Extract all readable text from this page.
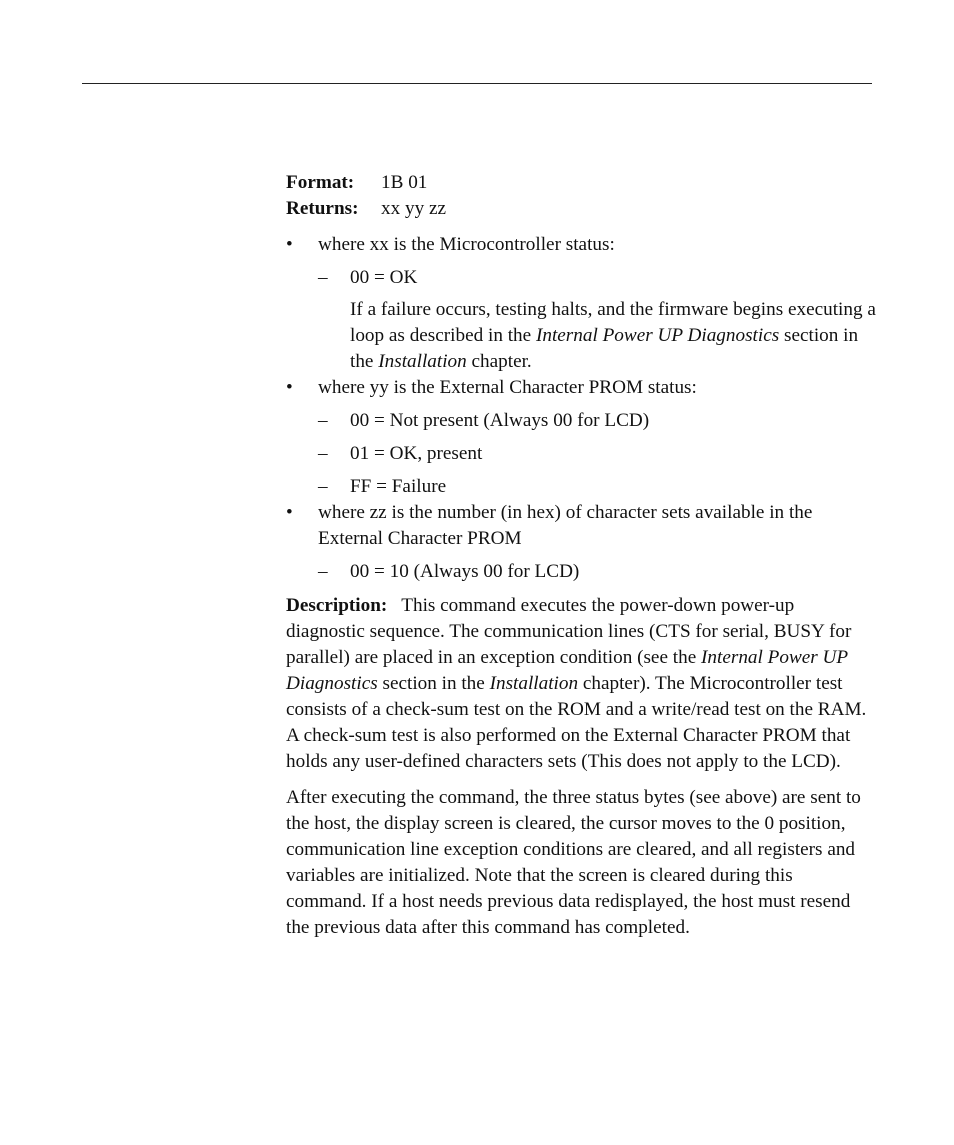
Format:	1B 01
Returns:	xx yy zz
• where xx is the Microcontroller status:
– 00 = OK
If a failure occurs, testing halts, and the firmware begins executing a loop as described in the Internal Power UP Diagnostics section in the Installation chapter.
• where yy is the External Character PROM status:
– 00 = Not present (Always 00 for LCD)
– 01 = OK, present
– FF = Failure
• where zz is the number (in hex) of character sets available in the External Character PROM
– 00 = 10 (Always 00 for LCD)
Description: This command executes the power-down power-up diagnostic sequence. The communication lines (CTS for serial, BUSY for parallel) are placed in an exception condition (see the Internal Power UP Diagnostics section in the Installation chapter). The Microcontroller test consists of a check-sum test on the ROM and a write/read test on the RAM. A check-sum test is also performed on the External Character PROM that holds any user-defined characters sets (This does not apply to the LCD).
After executing the command, the three status bytes (see above) are sent to the host, the display screen is cleared, the cursor moves to the 0 position, communication line exception conditions are cleared, and all registers and variables are initialized. Note that the screen is cleared during this command. If a host needs previous data redisplayed, the host must resend the previous data after this command has completed.
